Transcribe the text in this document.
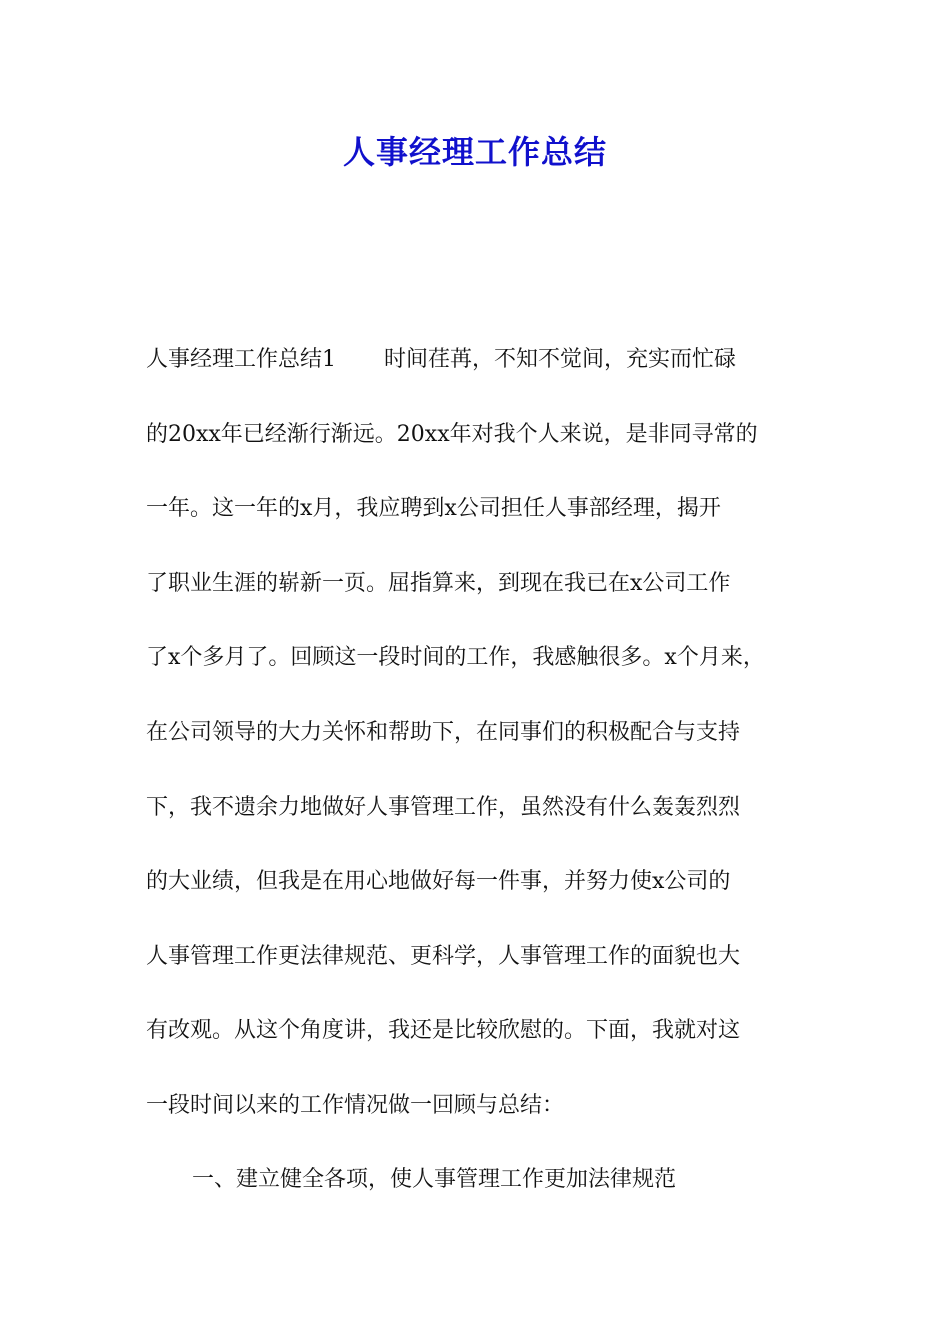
人事经理工作总结
人事经理工作总结1 时间荏苒，不知不觉间，充实而忙碌
的20xx年已经渐行渐远。20xx年对我个人来说，是非同寻常的
一年。这一年的x月，我应聘到x公司担任人事部经理，揭开
了职业生涯的崭新一页。屈指算来，到现在我已在x公司工作
了x个多月了。回顾这一段时间的工作，我感触很多。x个月来，
在公司领导的大力关怀和帮助下，在同事们的积极配合与支持
下，我不遗余力地做好人事管理工作，虽然没有什么轰轰烈烈
的大业绩，但我是在用心地做好每一件事，并努力使x公司的
人事管理工作更法律规范、更科学，人事管理工作的面貌也大
有改观。从这个角度讲，我还是比较欣慰的。下面，我就对这
一段时间以来的工作情况做一回顾与总结：
一、建立健全各项，使人事管理工作更加法律规范
